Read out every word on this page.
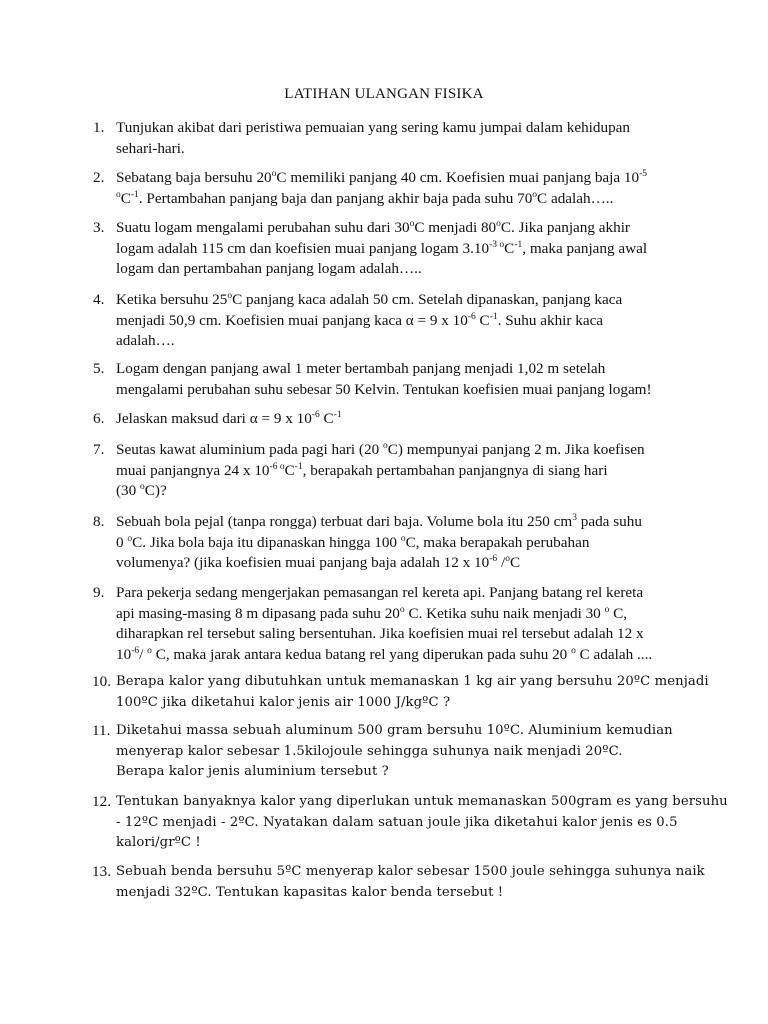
LATIHAN ULANGAN FISIKA
1. Tunjukan akibat dari peristiwa pemuaian yang sering kamu jumpai dalam kehidupan
sehari-hari.
2. Sebatang baja bersuhu 20$^o$C memiliki panjang 40 cm. Koefisien muai panjang baja $10^{-5}$
$^oC^{-1}$. Pertambahan panjang baja dan panjang akhir baja pada suhu 70$^o$C adalah…..
3. Suatu logam mengalami perubahan suhu dari 30$^o$C menjadi 80$^o$C. Jika panjang akhir
logam adalah 115 cm dan koefisien muai panjang logam $3.10^{-3 o}C^{-1}$, maka panjang awal
logam dan pertambahan panjang logam adalah…..
4. Ketika bersuhu 25$^o$C panjang kaca adalah 50 cm. Setelah dipanaskan, panjang kaca
menjadi 50,9 cm. Koefisien muai panjang kaca α = 9 x $10^{-6}$ $C^{-1}$. Suhu akhir kaca
adalah….
5. Logam dengan panjang awal 1 meter bertambah panjang menjadi 1,02 m setelah
mengalami perubahan suhu sebesar 50 Kelvin. Tentukan koefisien muai panjang logam!
6. Jelaskan maksud dari α = 9 x $10^{-6}$ $C^{-1}$
7. Seutas kawat aluminium pada pagi hari (20 $^o$C) mempunyai panjang 2 m. Jika koefisen
muai panjangnya 24 x $10^{-6 o}C^{-1}$, berapakah pertambahan panjangnya di siang hari
(30 $^o$C)?
8. Sebuah bola pejal (tanpa rongga) terbuat dari baja. Volume bola itu 250 $cm^3$ pada suhu
0 $^o$C. Jika bola baja itu dipanaskan hingga 100 $^o$C, maka berapakah perubahan
volumenya? (jika koefisien muai panjang baja adalah 12 x $10^{-6}$ /$^o$C
9. Para pekerja sedang mengerjakan pemasangan rel kereta api. Panjang batang rel kereta
api masing-masing 8 m dipasang pada suhu 20$^o$ C. Ketika suhu naik menjadi 30 $^o$ C,
diharapkan rel tersebut saling bersentuhan. Jika koefisien muai rel tersebut adalah 12 x
$10^{-6}/$ $^o$ C, maka jarak antara kedua batang rel yang diperukan pada suhu 20 $^o$ C adalah ....
10. Berapa kalor yang dibutuhkan untuk memanaskan 1 kg air yang bersuhu 20ºC menjadi
100ºC jika diketahui kalor jenis air 1000 J/kgºC ?
11. Diketahui massa sebuah aluminum 500 gram bersuhu 10ºC. Aluminium kemudian
menyerap kalor sebesar 1.5kilojoule sehingga suhunya naik menjadi 20ºC.
Berapa kalor jenis aluminium tersebut ?
12. Tentukan banyaknya kalor yang diperlukan untuk memanaskan 500gram es yang bersuhu
- 12ºC menjadi - 2ºC. Nyatakan dalam satuan joule jika diketahui kalor jenis es 0.5
kalori/grºC !
13. Sebuah benda bersuhu 5ºC menyerap kalor sebesar 1500 joule sehingga suhunya naik
menjadi 32ºC. Tentukan kapasitas kalor benda tersebut !
